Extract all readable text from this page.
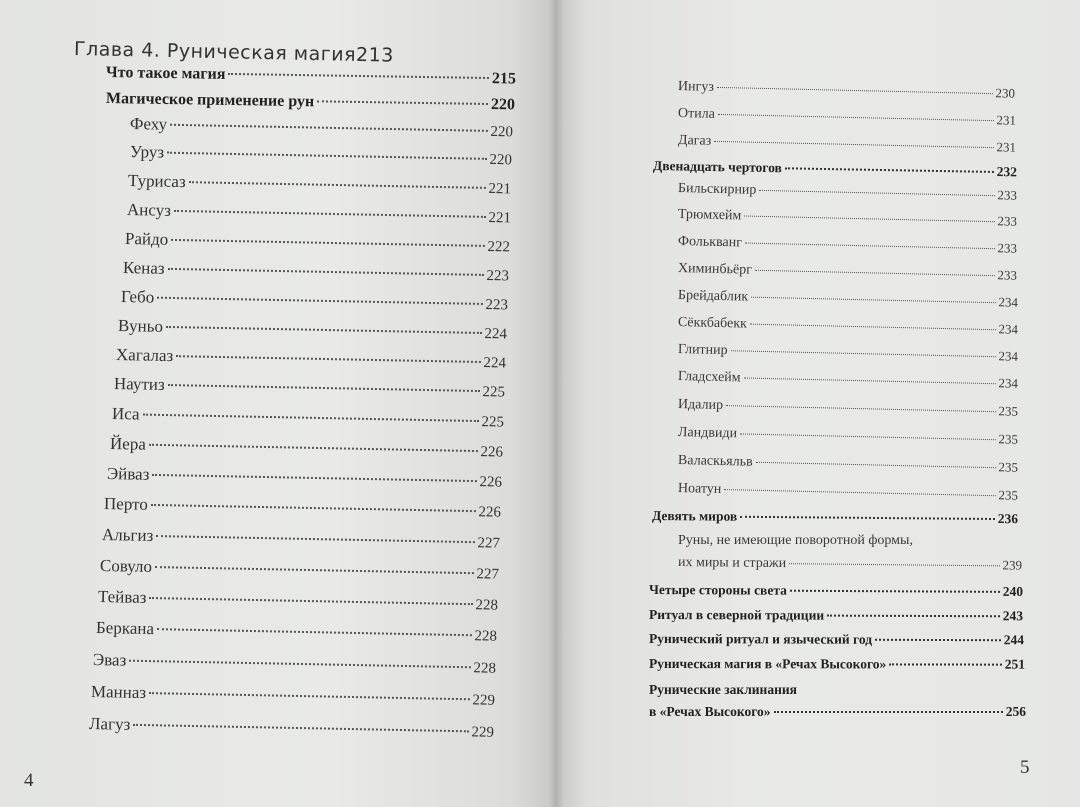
Глава 4. Руническая магия 213
Что такое магия	215
Магическое применение рун	220
Феху	220
Уруз	220
Турисаз	221
Ансуз	221
Райдо	222
Кеназ	223
Гебо	223
Вуньо	224
Хагалаз	224
Наутиз	225
Иса	225
Йера	226
Эйваз	226
Перто	226
Альгиз	227
Совуло	227
Тейваз	228
Беркана	228
Эваз	228
Манназ	229
Лагуз	229
4
Ингуз	230
Отила	231
Дагаз	231
Двенадцать чертогов	232
Бильскирнир	233
Трюмхейм	233
Фолькванг	233
Химинбьёрг	233
Брейдаблик	234
Сёккбабекк	234
Глитнир	234
Гладсхейм	234
Идалир	235
Ландвиди	235
Валаскьяльв	235
Ноатун	235
Девять миров	236
Руны, не имеющие поворотной формы,
их миры и стражи	239
Четыре стороны света	240
Ритуал в северной традиции	243
Рунический ритуал и языческий год	244
Руническая магия в «Речах Высокого»	251
Рунические заклинания
в «Речах Высокого»	256
5
